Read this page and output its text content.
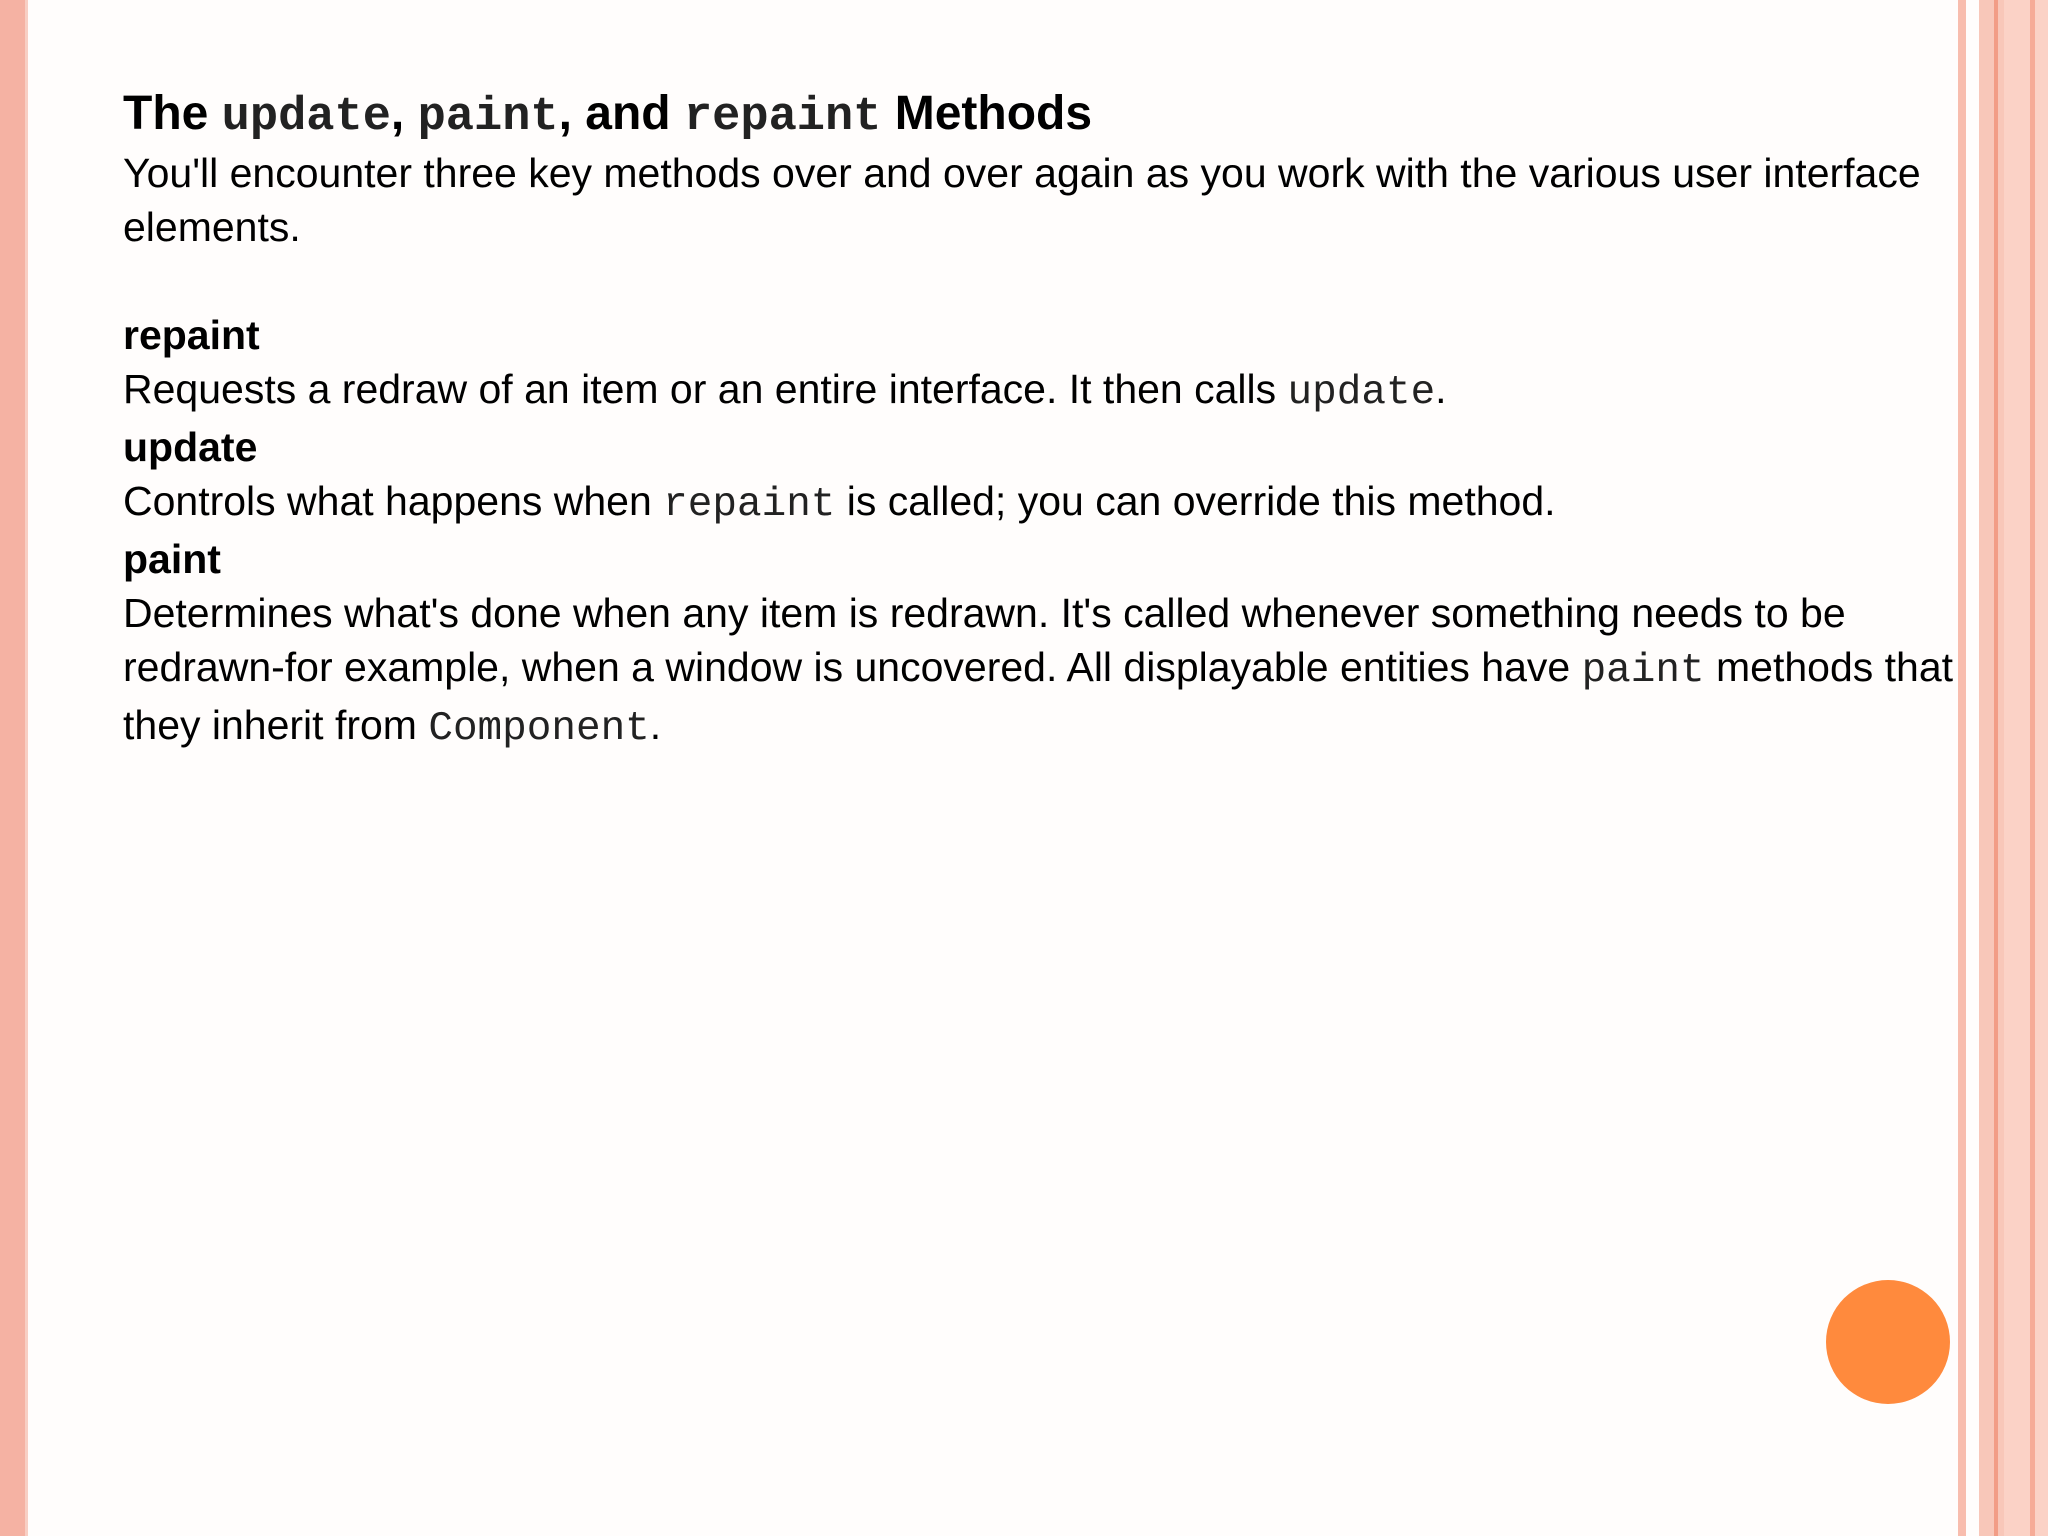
The update, paint, and repaint Methods

You'll encounter three key methods over and over again as you work with the various user interface elements.

repaint

Requests a redraw of an item or an entire interface. It then calls update.

update

Controls what happens when repaint is called; you can override this method.

paint

Determines what's done when any item is redrawn. It's called whenever something needs to be redrawn-for example, when a window is uncovered. All displayable entities have paint methods that they inherit from Component.
